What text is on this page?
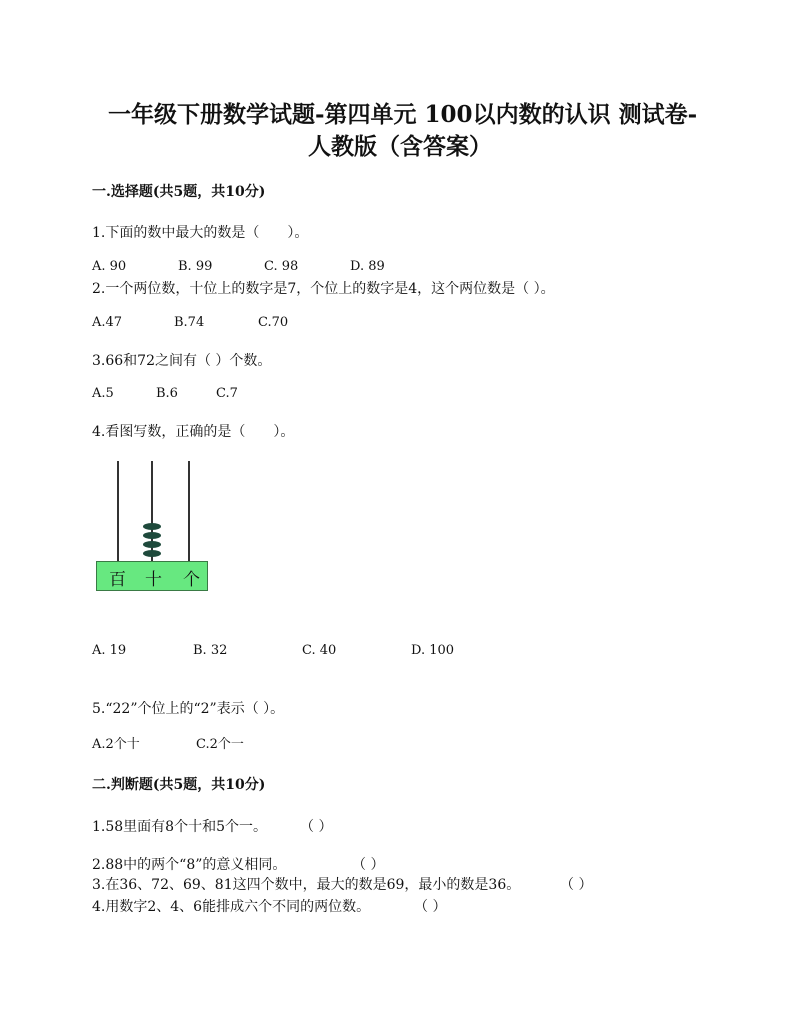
一年级下册数学试题-第四单元 100以内数的认识 测试卷-
人教版（含答案）
一.选择题(共5题，共10分)
1.下面的数中最大的数是（　　）。
A. 90	B. 99	C. 98	D. 89
2.一个两位数，十位上的数字是7，个位上的数字是4，这个两位数是（ ）。
A.47	B.74	C.70
3.66和72之间有（ ）个数。
A.5	B.6	C.7
4.看图写数，正确的是（　　）。
百 十 个
A. 19	B. 32	C. 40	D. 100
5.“22”个位上的“2”表示（ ）。
A.2个十	C.2个一
二.判断题(共5题，共10分)
1.58里面有8个十和5个一。 （ ）
2.88中的两个“8”的意义相同。	（ ）
3.在36、72、69、81这四个数中，最大的数是69，最小的数是36。	（ ）
4.用数字2、4、6能排成六个不同的两位数。	（ ）
